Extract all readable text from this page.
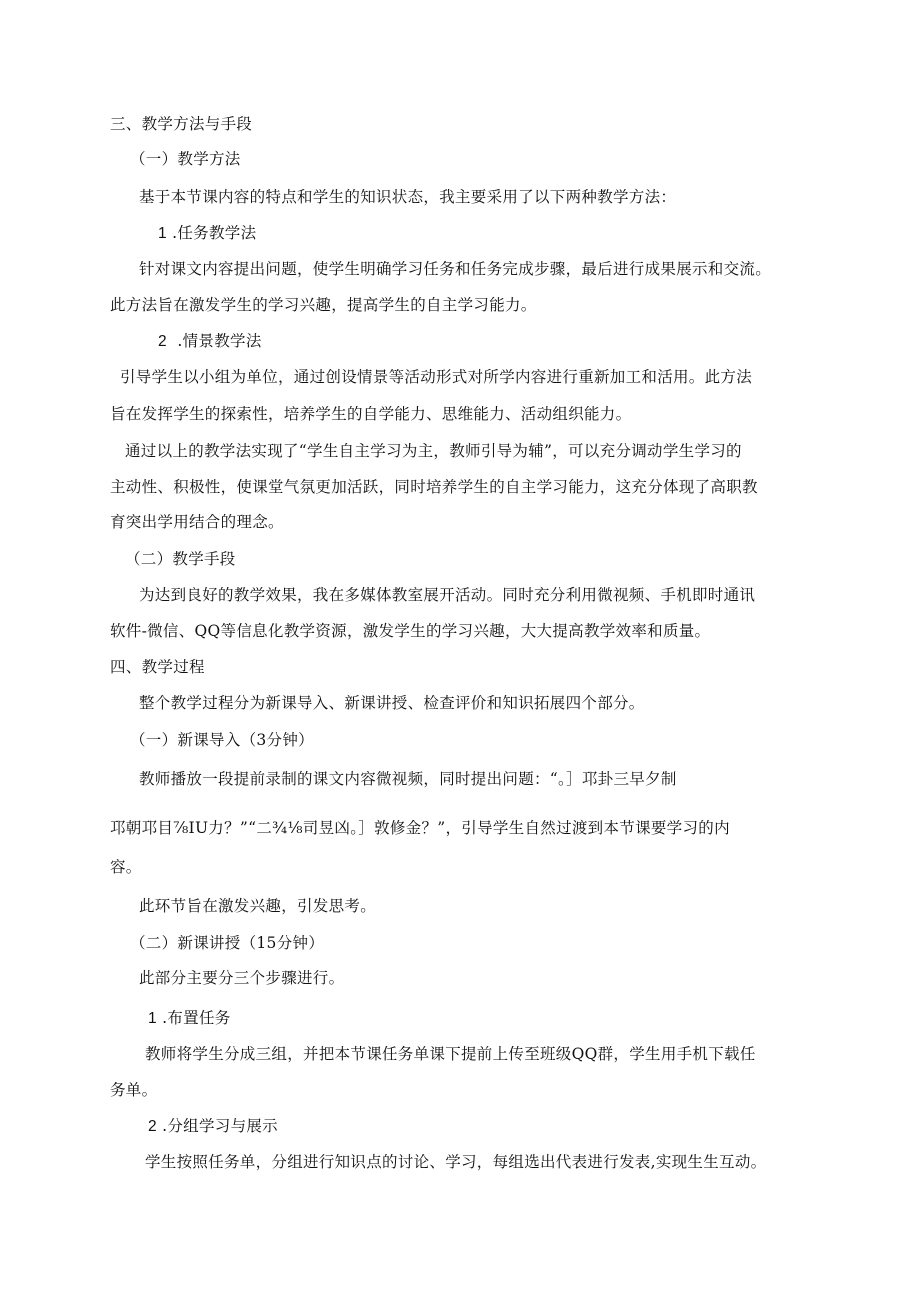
三、教学方法与手段
（一）教学方法
基于本节课内容的特点和学生的知识状态，我主要采用了以下两种教学方法：
1 .任务教学法
针对课文内容提出问题，使学生明确学习任务和任务完成步骤，最后进行成果展示和交流。
此方法旨在激发学生的学习兴趣，提高学生的自主学习能力。
2 .情景教学法
引导学生以小组为单位，通过创设情景等活动形式对所学内容进行重新加工和活用。此方法
旨在发挥学生的探索性，培养学生的自学能力、思维能力、活动组织能力。
通过以上的教学法实现了“学生自主学习为主，教师引导为辅”，可以充分调动学生学习的
主动性、积极性，使课堂气氛更加活跃，同时培养学生的自主学习能力，这充分体现了高职教
育突出学用结合的理念。
（二）教学手段
为达到良好的教学效果，我在多媒体教室展开活动。同时充分利用微视频、手机即时通讯
软件-微信、QQ等信息化教学资源，激发学生的学习兴趣，大大提高教学效率和质量。
四、教学过程
整个教学过程分为新课导入、新课讲授、检查评价和知识拓展四个部分。
（一）新课导入（3分钟）
教师播放一段提前录制的课文内容微视频，同时提出问题：“。］邛卦三早夕制
邛朝邛目⅞IU力？”“二¾⅛司昱凶。］敦修金？”，引导学生自然过渡到本节课要学习的内
容。
此环节旨在激发兴趣，引发思考。
（二）新课讲授（15分钟）
此部分主要分三个步骤进行。
1 .布置任务
教师将学生分成三组，并把本节课任务单课下提前上传至班级QQ群，学生用手机下载任
务单。
2 .分组学习与展示
学生按照任务单，分组进行知识点的讨论、学习，每组选出代表进行发表,实现生生互动。
